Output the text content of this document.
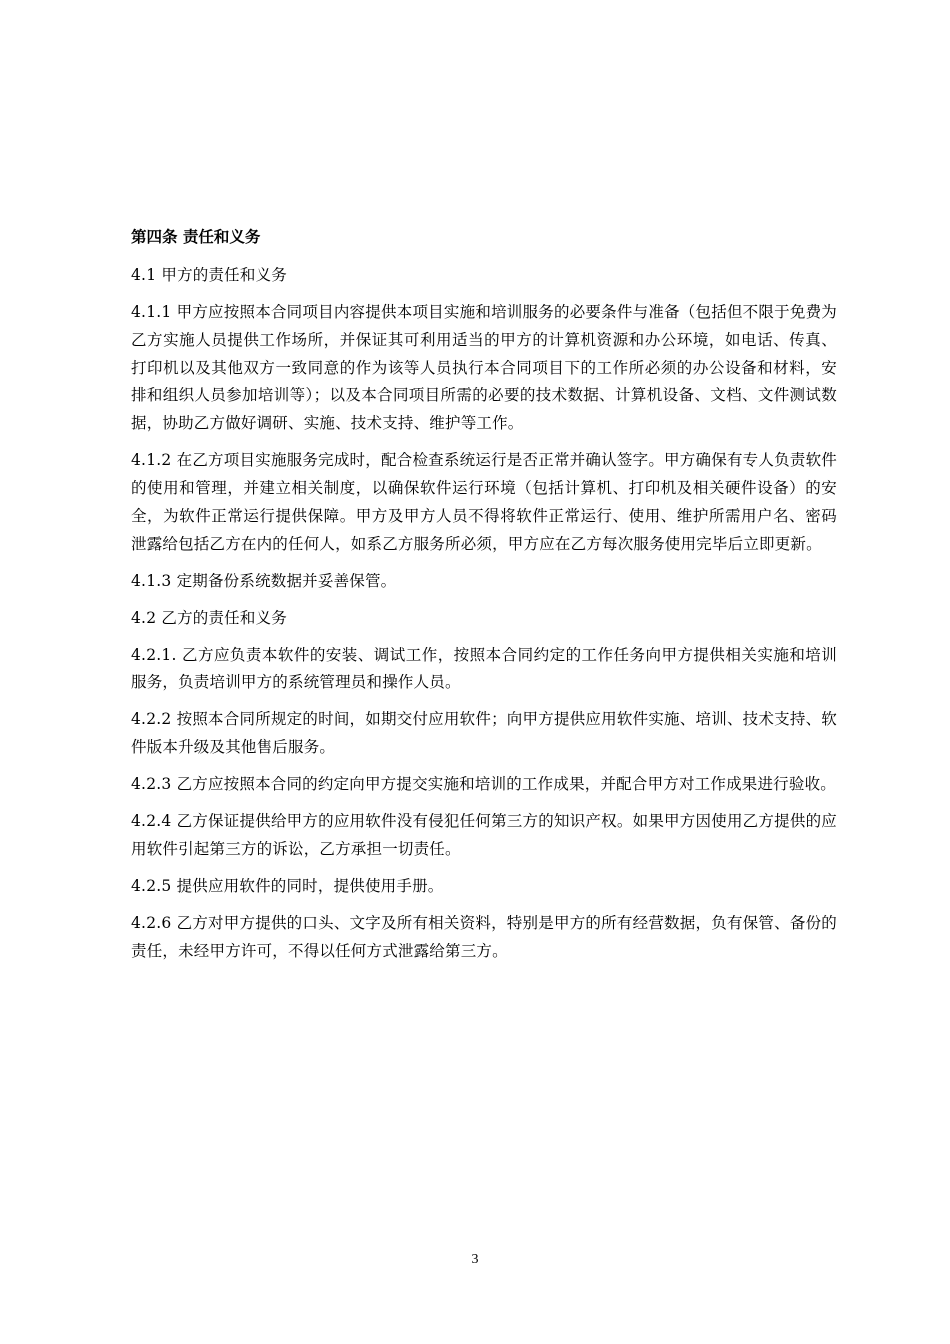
第四条 责任和义务
4.1 甲方的责任和义务
4.1.1 甲方应按照本合同项目内容提供本项目实施和培训服务的必要条件与准备（包括但不限于免费为乙方实施人员提供工作场所，并保证其可利用适当的甲方的计算机资源和办公环境，如电话、传真、打印机以及其他双方一致同意的作为该等人员执行本合同项目下的工作所必须的办公设备和材料，安排和组织人员参加培训等）；以及本合同项目所需的必要的技术数据、计算机设备、文档、文件测试数据，协助乙方做好调研、实施、技术支持、维护等工作。
4.1.2 在乙方项目实施服务完成时，配合检查系统运行是否正常并确认签字。甲方确保有专人负责软件的使用和管理，并建立相关制度，以确保软件运行环境（包括计算机、打印机及相关硬件设备）的安全，为软件正常运行提供保障。甲方及甲方人员不得将软件正常运行、使用、维护所需用户名、密码泄露给包括乙方在内的任何人，如系乙方服务所必须，甲方应在乙方每次服务使用完毕后立即更新。
4.1.3 定期备份系统数据并妥善保管。
4.2 乙方的责任和义务
4.2.1. 乙方应负责本软件的安装、调试工作，按照本合同约定的工作任务向甲方提供相关实施和培训服务，负责培训甲方的系统管理员和操作人员。
4.2.2 按照本合同所规定的时间，如期交付应用软件；向甲方提供应用软件实施、培训、技术支持、软件版本升级及其他售后服务。
4.2.3 乙方应按照本合同的约定向甲方提交实施和培训的工作成果，并配合甲方对工作成果进行验收。
4.2.4 乙方保证提供给甲方的应用软件没有侵犯任何第三方的知识产权。如果甲方因使用乙方提供的应用软件引起第三方的诉讼，乙方承担一切责任。
4.2.5 提供应用软件的同时，提供使用手册。
4.2.6 乙方对甲方提供的口头、文字及所有相关资料，特别是甲方的所有经营数据，负有保管、备份的责任，未经甲方许可，不得以任何方式泄露给第三方。
3
